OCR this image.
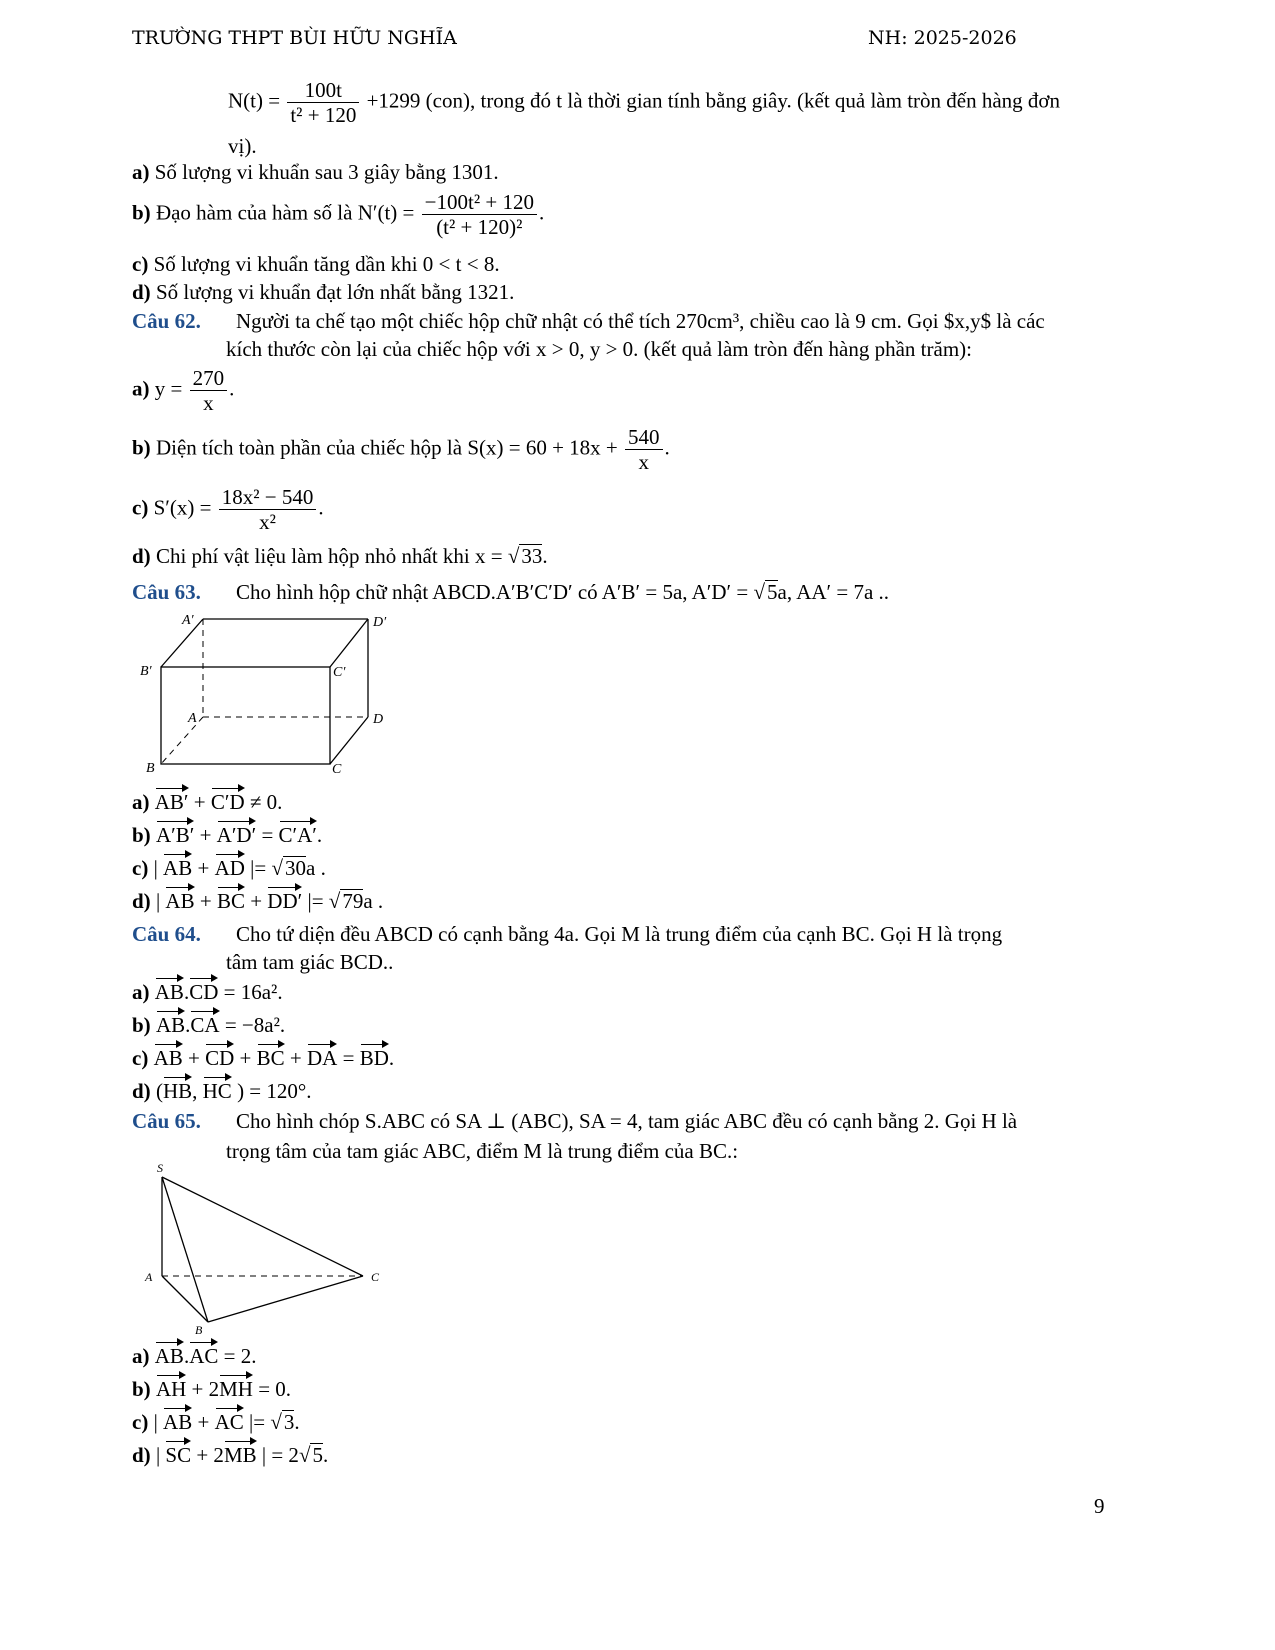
TRƯỜNG THPT BÙI HỮU NGHĨA	NH: 2025-2026
$N(t) = \frac{100t}{\text{t² + 120}} +1299$ (con), trong đó t là thời gian tính bằng giây. (kết quả làm tròn đến hàng đơn
vị).
a) Số lượng vi khuẩn sau 3 giây bằng 1301.
b) Đạo hàm của hàm số là $N'(t) = \frac{\text{−100t² + 120}}{\text{(t² + 120)²}}$ .
c) Số lượng vi khuẩn tăng dần khi 0 < t < 8.
d) Số lượng vi khuẩn đạt lớn nhất bằng 1321.
Câu 62. Người ta chế tạo một chiếc hộp chữ nhật có thể tích 270cm³, chiều cao là 9 cm. Gọi $x,y$ là các
kích thước còn lại của chiếc hộp với x > 0, y > 0. (kết quả làm tròn đến hàng phần trăm):
a) $y = \frac{270}{x}$ .
b) Diện tích toàn phần của chiếc hộp là $S(x) = 60 + 18x + \frac{540}{x}$ .
c) $S'(x) = \frac{\text{18x² − 540}}{\text{x²}}$ .
d) Chi phí vật liệu làm hộp nhỏ nhất khi x = √33.
Câu 63. Cho hình hộp chữ nhật ABCD.A′B′C′D′ có A′B′ = 5a, A′D′ = √5a, AA′ = 7a ..
A′	D′
B′	C′
A	D
B	C
a) AB′ + C′D ≠ 0.
b) A′B′ + A′D′ = C′A′.
c) | AB + AD |= √30a .
d) | AB + BC + DD′ |= √79a .
Câu 64. Cho tứ diện đều ABCD có cạnh bằng 4a. Gọi M là trung điểm của cạnh BC. Gọi H là trọng
tâm tam giác BCD..
a) AB.CD = 16a².
b) AB.CA = −8a².
c) AB + CD + BC + DA = BD.
d) (HB, HC ) = 120°.
Câu 65. Cho hình chóp S.ABC có SA ⊥ (ABC), SA = 4, tam giác ABC đều có cạnh bằng 2. Gọi H là
trọng tâm của tam giác ABC, điểm M là trung điểm của BC.:
S
A
B
C
a) AB.AC = 2.
b) AH + 2MH = 0.
c) | AB + AC |= √3.
d) | SC + 2MB | = 2√5.
9
